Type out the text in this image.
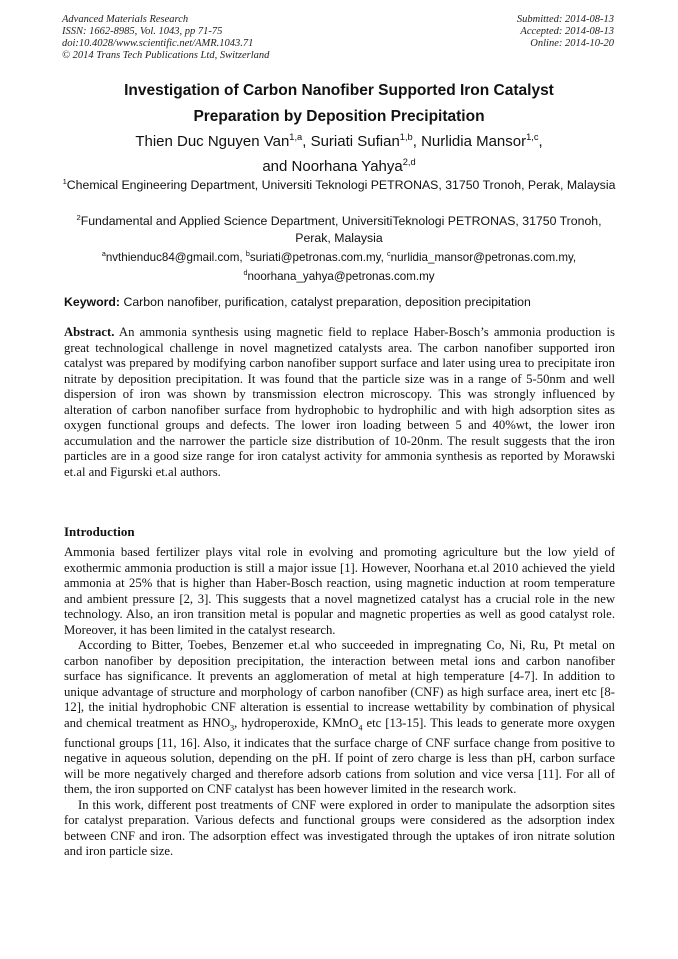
Advanced Materials Research
ISSN: 1662-8985, Vol. 1043, pp 71-75
doi:10.4028/www.scientific.net/AMR.1043.71
© 2014 Trans Tech Publications Ltd, Switzerland
Submitted: 2014-08-13
Accepted: 2014-08-13
Online: 2014-10-20
Investigation of Carbon Nanofiber Supported Iron Catalyst
Preparation by Deposition Precipitation
Thien Duc Nguyen Van$^{1,a}$, Suriati Sufian$^{1,b}$, Nurlidia Mansor$^{1,c}$,
and Noorhana Yahya$^{2,d}$
$^1$Chemical Engineering Department, Universiti Teknologi PETRONAS, 31750 Tronoh, Perak, Malaysia
$^2$Fundamental and Applied Science Department, UniversitiTeknologi PETRONAS, 31750 Tronoh, Perak, Malaysia
$^a$nvthienduc84@gmail.com, $^b$suriati@petronas.com.my, $^c$nurlidia_mansor@petronas.com.my,
$^d$noorhana_yahya@petronas.com.my
Keyword: Carbon nanofiber, purification, catalyst preparation, deposition precipitation
Abstract. An ammonia synthesis using magnetic field to replace Haber-Bosch’s ammonia production is great technological challenge in novel magnetized catalysts area. The carbon nanofiber supported iron catalyst was prepared by modifying carbon nanofiber support surface and later using urea to precipitate iron nitrate by deposition precipitation. It was found that the particle size was in a range of 5-50nm and well dispersion of iron was shown by transmission electron microscopy. This was strongly influenced by alteration of carbon nanofiber surface from hydrophobic to hydrophilic and with high adsorption sites as oxygen functional groups and defects. The lower iron loading between 5 and 40%wt, the lower iron accumulation and the narrower the particle size distribution of 10-20nm. The result suggests that the iron particles are in a good size range for iron catalyst activity for ammonia synthesis as reported by Morawski et.al and Figurski et.al authors.
Introduction

Ammonia based fertilizer plays vital role in evolving and promoting agriculture but the low yield of exothermic ammonia production is still a major issue [1]. However, Noorhana et.al 2010 achieved the yield ammonia at 25% that is higher than Haber-Bosch reaction, using magnetic induction at room temperature and ambient pressure [2, 3]. This suggests that a novel magnetized catalyst has a crucial role in the new technology. Also, an iron transition metal is popular and magnetic properties as well as good catalyst role. Moreover, it has been limited in the catalyst research.

According to Bitter, Toebes, Benzemer et.al who succeeded in impregnating Co, Ni, Ru, Pt metal on carbon nanofiber by deposition precipitation, the interaction between metal ions and carbon nanofiber surface has significance. It prevents an agglomeration of metal at high temperature [4-7]. In addition to unique advantage of structure and morphology of carbon nanofiber (CNF) as high surface area, inert etc [8-12], the initial hydrophobic CNF alteration is essential to increase wettability by combination of physical and chemical treatment as $HNO_3$, hydroperoxide, KMnO$_4$ etc [13-15]. This leads to generate more oxygen functional groups [11, 16]. Also, it indicates that the surface charge of CNF surface change from positive to negative in aqueous solution, depending on the pH. If point of zero charge is less than pH, carbon surface will be more negatively charged and therefore adsorb cations from solution and vice versa [11]. For all of them, the iron supported on CNF catalyst has been however limited in the research work.

In this work, different post treatments of CNF were explored in order to manipulate the adsorption sites for catalyst preparation. Various defects and functional groups were considered as the adsorption index between CNF and iron. The adsorption effect was investigated through the uptakes of iron nitrate solution and iron particle size.
